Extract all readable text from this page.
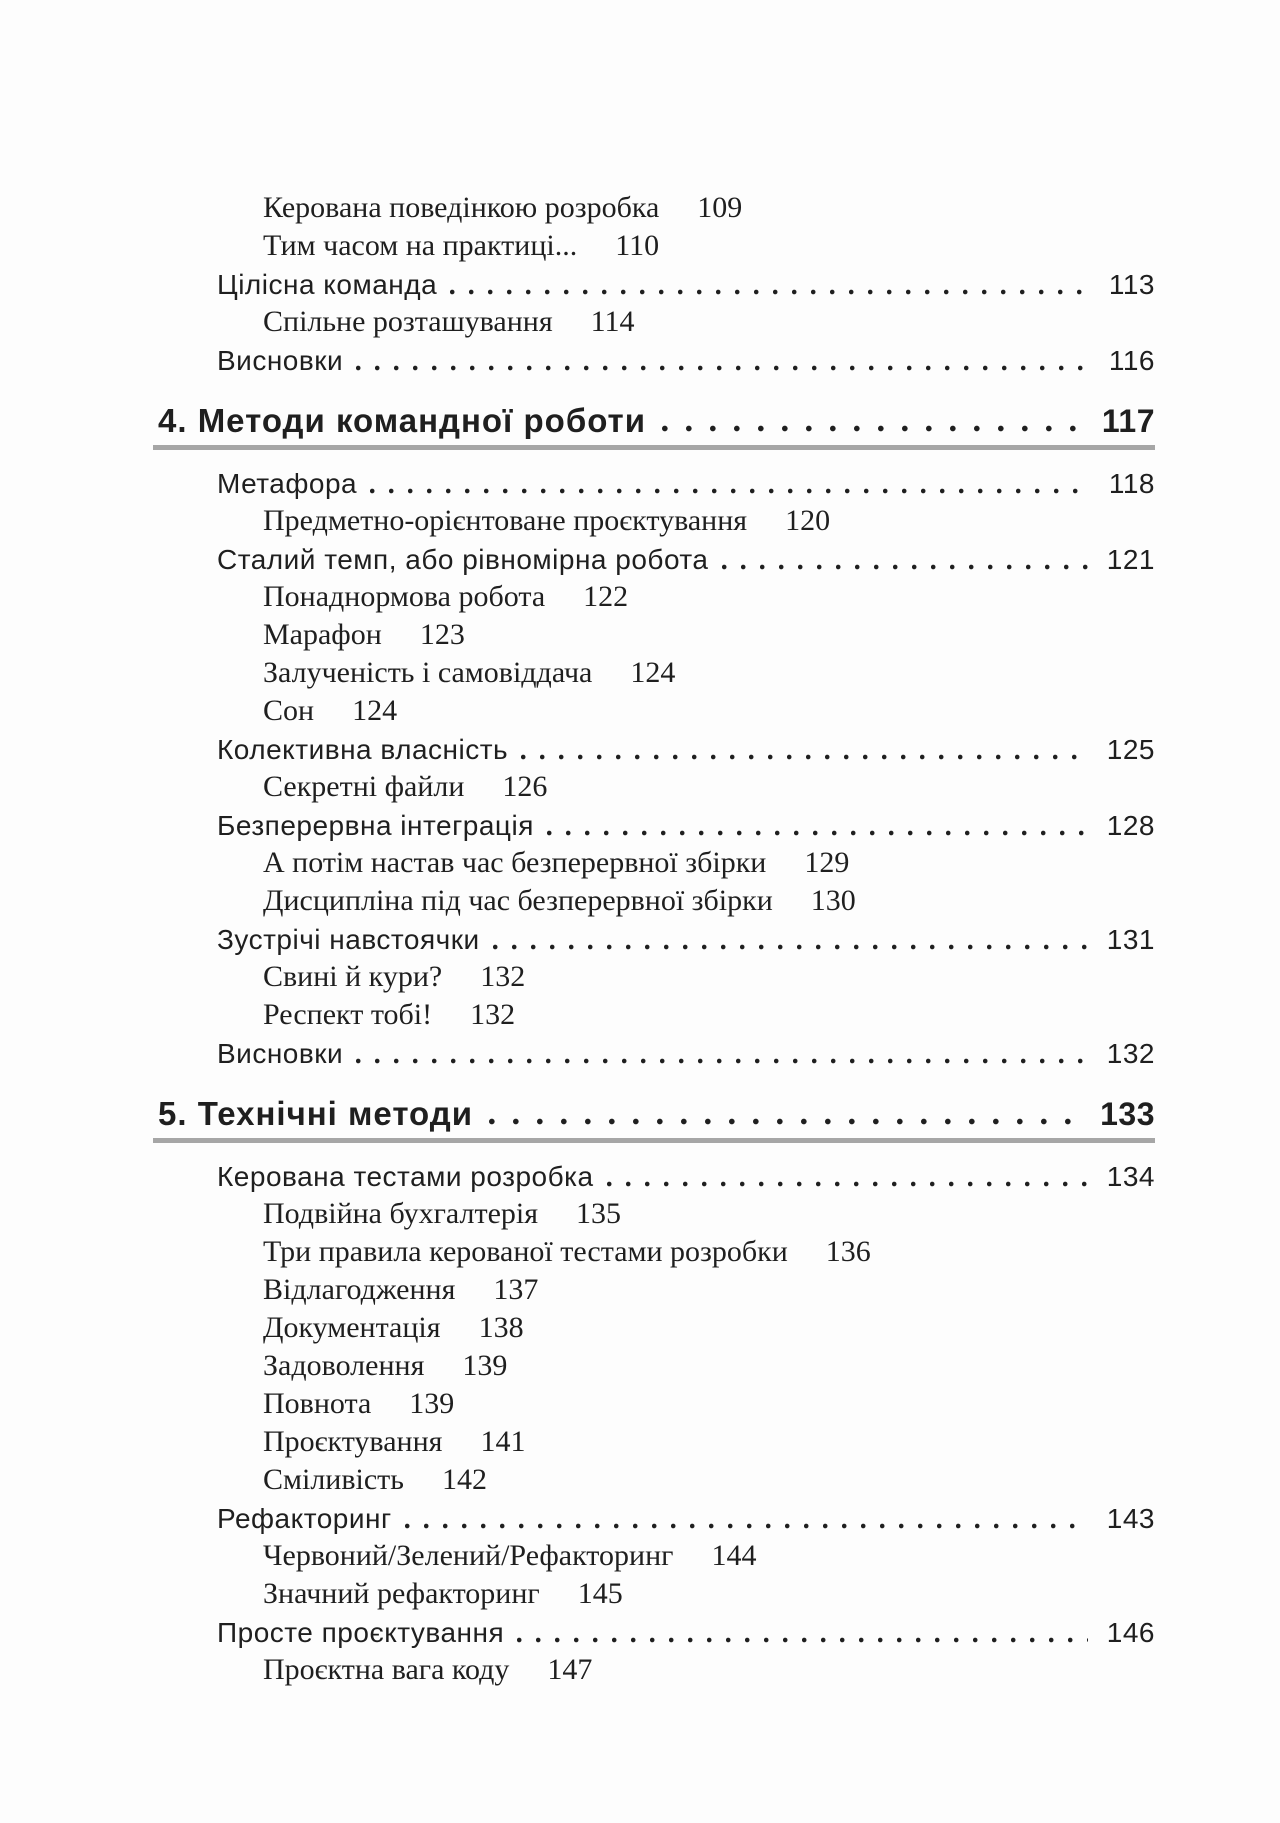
Керована поведінкою розробка 109
Тим часом на практиці... 110
Цілісна команда	113
Спільне розташування 114
Висновки	116
4. Методи командної роботи	117
Метафора	118
Предметно-орієнтоване проєктування 120
Сталий темп, або рівномірна робота	121
Понаднормова робота 122
Марафон 123
Залученість і самовіддача 124
Сон 124
Колективна власність	125
Секретні файли 126
Безперервна інтеграція	128
А потім настав час безперервної збірки 129
Дисципліна під час безперервної збірки 130
Зустрічі навстоячки	131
Свині й кури? 132
Респект тобі! 132
Висновки	132
5. Технічні методи	133
Керована тестами розробка	134
Подвійна бухгалтерія 135
Три правила керованої тестами розробки 136
Відлагодження 137
Документація 138
Задоволення 139
Повнота 139
Проєктування 141
Сміливість 142
Рефакторинг	143
Червоний/Зелений/Рефакторинг 144
Значний рефакторинг 145
Просте проєктування	146
Проєктна вага коду 147
